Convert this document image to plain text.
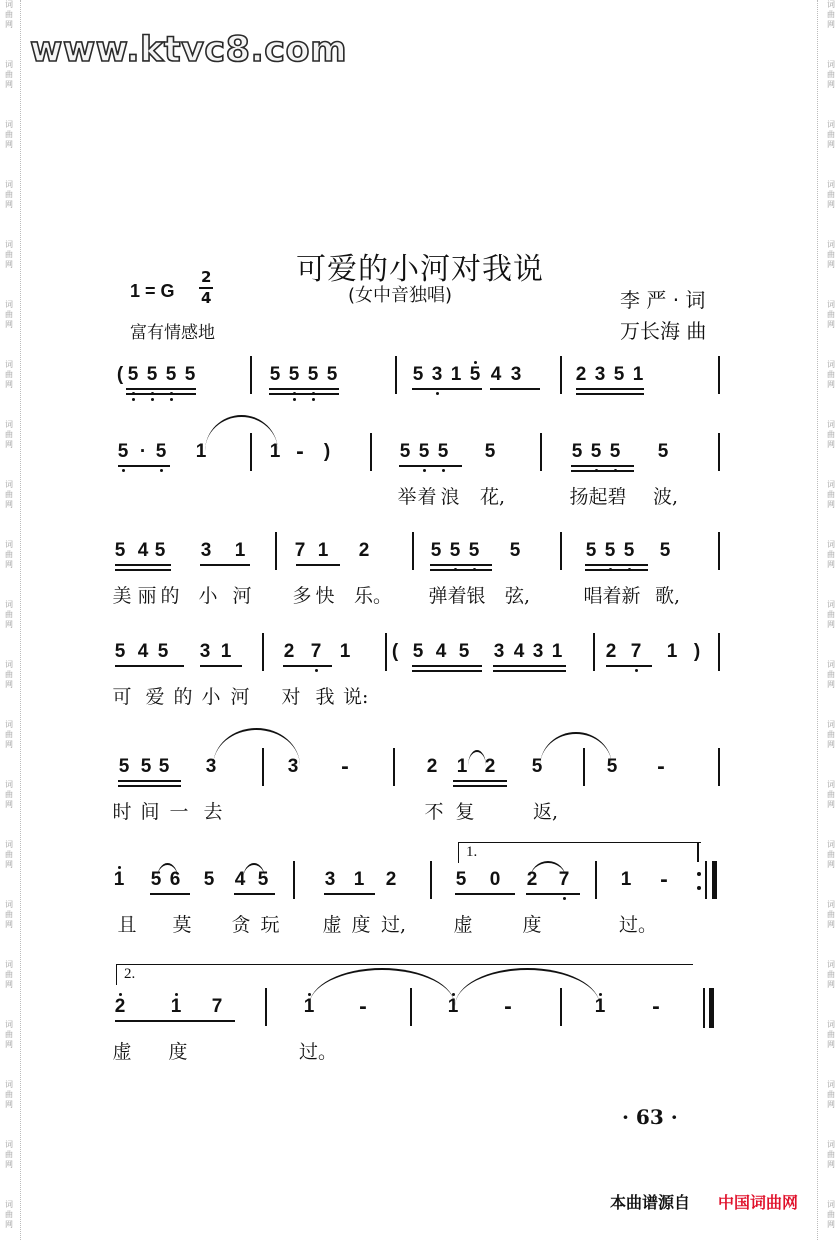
词
曲
网
词
曲
网
词
曲
网
词
曲
网
词
曲
网
词
曲
网
词
曲
网
词
曲
网
词
曲
网
词
曲
网
词
曲
网
词
曲
网
词
曲
网
词
曲
网
词
曲
网
词
曲
网
词
曲
网
词
曲
网
词
曲
网
词
曲
网
词
曲
网
词
曲
网
词
曲
网
词
曲
网
词
曲
网
词
曲
网
词
曲
网
词
曲
网
词
曲
网
词
曲
网
词
曲
网
词
曲
网
词
曲
网
词
曲
网
词
曲
网
词
曲
网
词
曲
网
词
曲
网
词
曲
网
词
曲
网
词
曲
网
词
曲
网
www.ktvc8.com
可爱的小河对我说
1 = G
2
4	(女中音独唱)	李 严 · 词
富有情感地	万长海 曲
( 5 5 5 5	5 5 5 5	5 3 1 5 4 3	2 3 5 1
5 · 5 1	1 -	)	5 5 5 5	5 5 5 5
举 着 浪 花,	扬 起 碧 波,
5 4 5 3 1	7 1 2	5 5 5 5	5 5 5 5
美 丽 的 小 河 多 快 乐。 弹 着 银 弦,	唱 着 新 歌,
5 4 5 3 1	2 7 1	( 5 4 5 3 4 3 1 2 7 1 )
可 爱 的 小 河 对 我 说:
5 5 5 3	3 -	2 1 2 5	5 -
时 间 一 去	不 复	返,
1 5 6 5 4 5	3 1 2	5 0 2 7	1 -
且 莫 贪 玩 虚 度 过, 虚	度	过。
1.
2 1 7	1 -	1 -	1 -
虚 度	过。
2.
· 63 ·
本曲谱源自 中国词曲网
